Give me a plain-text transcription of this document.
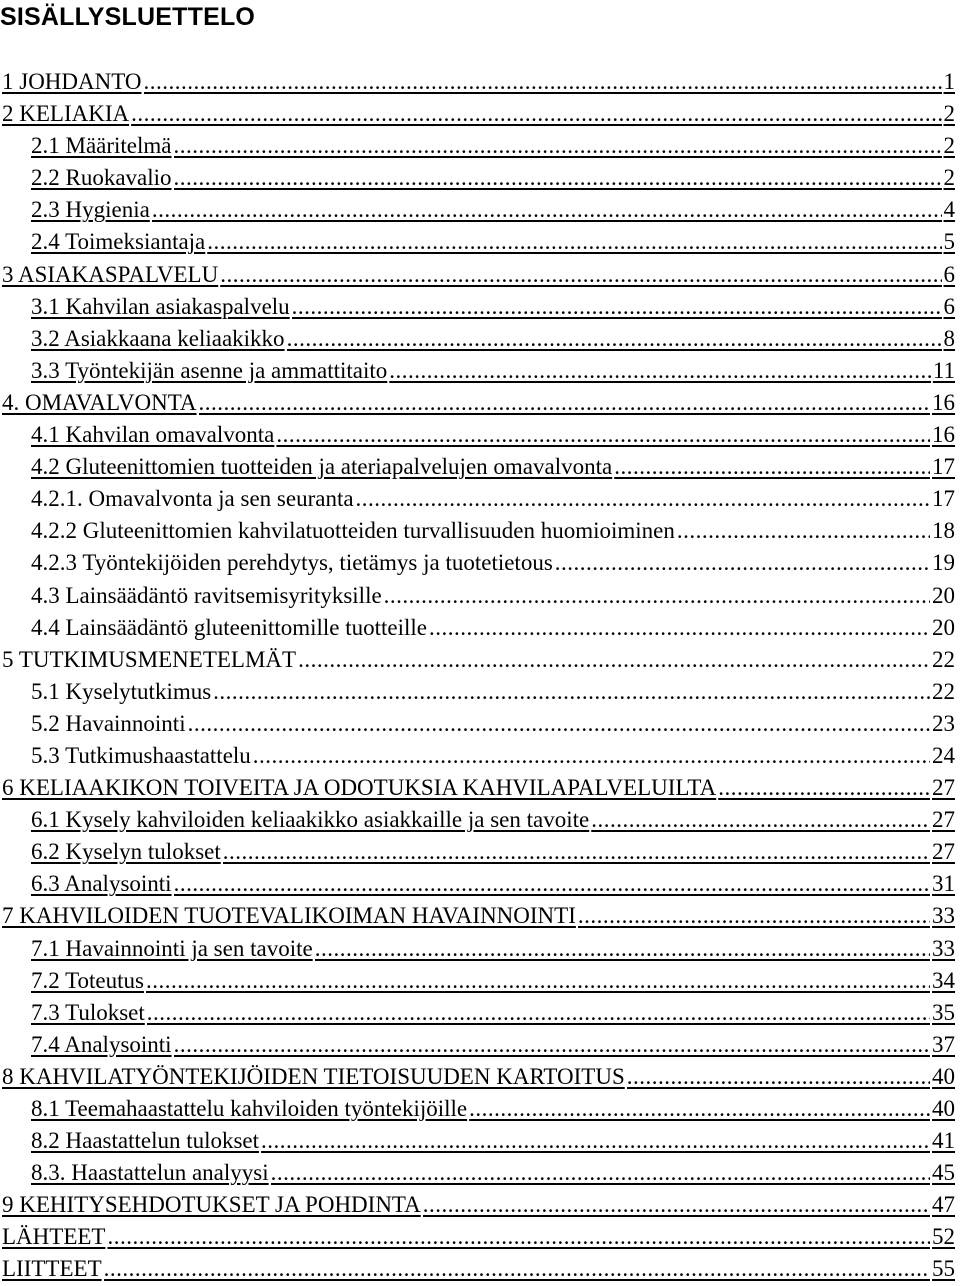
SISÄLLYSLUETTELO
1 JOHDANTO .....	1
2 KELIAKIA .....	2
2.1 Määritelmä .....	2
2.2 Ruokavalio .....	2
2.3 Hygienia .....	4
2.4 Toimeksiantaja .....	5
3 ASIAKASPALVELU .....	6
3.1 Kahvilan asiakaspalvelu .....	6
3.2 Asiakkaana keliaakikko .....	8
3.3 Työntekijän asenne ja ammattitaito .....	11
4. OMAVALVONTA .....	16
4.1 Kahvilan omavalvonta .....	16
4.2 Gluteenittomien tuotteiden ja ateriapalvelujen omavalvonta .....	17
4.2.1. Omavalvonta ja sen seuranta .....	17
4.2.2 Gluteenittomien kahvilatuotteiden turvallisuuden huomioiminen .....	18
4.2.3 Työntekijöiden perehdytys, tietämys ja tuotetietous .....	19
4.3 Lainsäädäntö ravitsemisyrityksille .....	20
4.4 Lainsäädäntö gluteenittomille tuotteille .....	20
5 TUTKIMUSMENETELMÄT .....	22
5.1 Kyselytutkimus .....	22
5.2 Havainnointi .....	23
5.3 Tutkimushaastattelu .....	24
6 KELIAAKIKON TOIVEITA JA ODOTUKSIA KAHVILAPALVELUILTA .....	27
6.1 Kysely kahviloiden keliaakikko asiakkaille ja sen tavoite .....	27
6.2 Kyselyn tulokset .....	27
6.3 Analysointi .....	31
7 KAHVILOIDEN TUOTEVALIKOIMAN HAVAINNOINTI .....	33
7.1 Havainnointi ja sen tavoite .....	33
7.2 Toteutus .....	34
7.3 Tulokset .....	35
7.4 Analysointi .....	37
8 KAHVILATYÖNTEKIJÖIDEN TIETOISUUDEN KARTOITUS .....	40
8.1 Teemahaastattelu kahviloiden työntekijöille .....	40
8.2 Haastattelun tulokset .....	41
8.3. Haastattelun analyysi .....	45
9 KEHITYSEHDOTUKSET JA POHDINTA .....	47
LÄHTEET .....	52
LIITTEET .....	55
